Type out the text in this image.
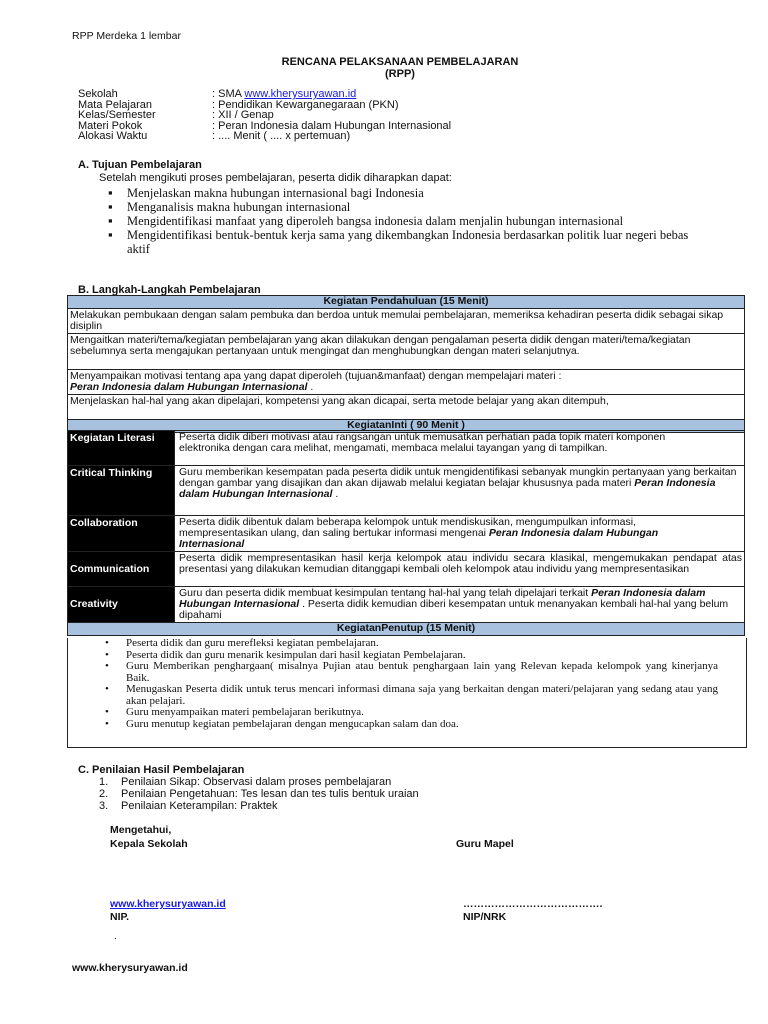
RPP Merdeka 1 lembar
RENCANA PELAKSANAAN PEMBELAJARAN
(RPP)
Sekolah	: SMA www.kherysuryawan.id
Mata Pelajaran	: Pendidikan Kewarganegaraan (PKN)
Kelas/Semester	: XII / Genap
Materi Pokok	: Peran Indonesia dalam Hubungan Internasional
Alokasi Waktu	: .... Menit ( .... x pertemuan)
A. Tujuan Pembelajaran
Setelah mengikuti proses pembelajaran, peserta didik diharapkan dapat:
▪ Menjelaskan makna hubungan internasional bagi Indonesia
▪ Menganalisis makna hubungan internasional
▪ Mengidentifikasi manfaat yang diperoleh bangsa indonesia dalam menjalin hubungan internasional
▪ Mengidentifikasi bentuk-bentuk kerja sama yang dikembangkan Indonesia berdasarkan politik luar negeri bebas aktif
B. Langkah-Langkah Pembelajaran
Kegiatan Pendahuluan (15 Menit)
Melakukan pembukaan dengan salam pembuka dan berdoa untuk memulai pembelajaran, memeriksa kehadiran peserta didik sebagai sikap disiplin
Mengaitkan materi/tema/kegiatan pembelajaran yang akan dilakukan dengan pengalaman peserta didik dengan materi/tema/kegiatan sebelumnya serta mengajukan pertanyaan untuk mengingat dan menghubungkan dengan materi selanjutnya.
Menyampaikan motivasi tentang apa yang dapat diperoleh (tujuan&manfaat) dengan mempelajari materi :
Peran Indonesia dalam Hubungan Internasional .
Menjelaskan hal-hal yang akan dipelajari, kompetensi yang akan dicapai, serta metode belajar yang akan ditempuh,
KegiatanInti ( 90 Menit )
Kegiatan Literasi	Peserta didik diberi motivasi atau rangsangan untuk memusatkan perhatian pada topik materi komponen elektronika dengan cara melihat, mengamati, membaca melalui tayangan yang di tampilkan.
Critical Thinking	Guru memberikan kesempatan pada peserta didik untuk mengidentifikasi sebanyak mungkin pertanyaan yang berkaitan dengan gambar yang disajikan dan akan dijawab melalui kegiatan belajar khususnya pada materi Peran Indonesia dalam Hubungan Internasional .
Collaboration	Peserta didik dibentuk dalam beberapa kelompok untuk mendiskusikan, mengumpulkan informasi, mempresentasikan ulang, dan saling bertukar informasi mengenai Peran Indonesia dalam Hubungan Internasional
Communication	Peserta didik mempresentasikan hasil kerja kelompok atau individu secara klasikal, mengemukakan pendapat atas presentasi yang dilakukan kemudian ditanggapi kembali oleh kelompok atau individu yang mempresentasikan
Creativity	Guru dan peserta didik membuat kesimpulan tentang hal-hal yang telah dipelajari terkait Peran Indonesia dalam Hubungan Internasional . Peserta didik kemudian diberi kesempatan untuk menanyakan kembali hal-hal yang belum dipahami
KegiatanPenutup (15 Menit)	
• Peserta didik dan guru merefleksi kegiatan pembelajaran.
• Peserta didik dan guru menarik kesimpulan dari hasil kegiatan Pembelajaran.
• Guru Memberikan penghargaan( misalnya Pujian atau bentuk penghargaan lain yang Relevan kepada kelompok yang kinerjanya Baik.
• Menugaskan Peserta didik untuk terus mencari informasi dimana saja yang berkaitan dengan materi/pelajaran yang sedang atau yang akan pelajari.
• Guru menyampaikan materi pembelajaran berikutnya.
• Guru menutup kegiatan pembelajaran dengan mengucapkan salam dan doa.
C. Penilaian Hasil Pembelajaran
1.	Penilaian Sikap: Observasi dalam proses pembelajaran
2.	Penilaian Pengetahuan: Tes lesan dan tes tulis bentuk uraian
3.	Penilaian Keterampilan: Praktek
Mengetahui,
Kepala Sekolah	Guru Mapel
www.kherysuryawan.id	………………………………….
NIP.	NIP/NRK
.
www.kherysuryawan.id
